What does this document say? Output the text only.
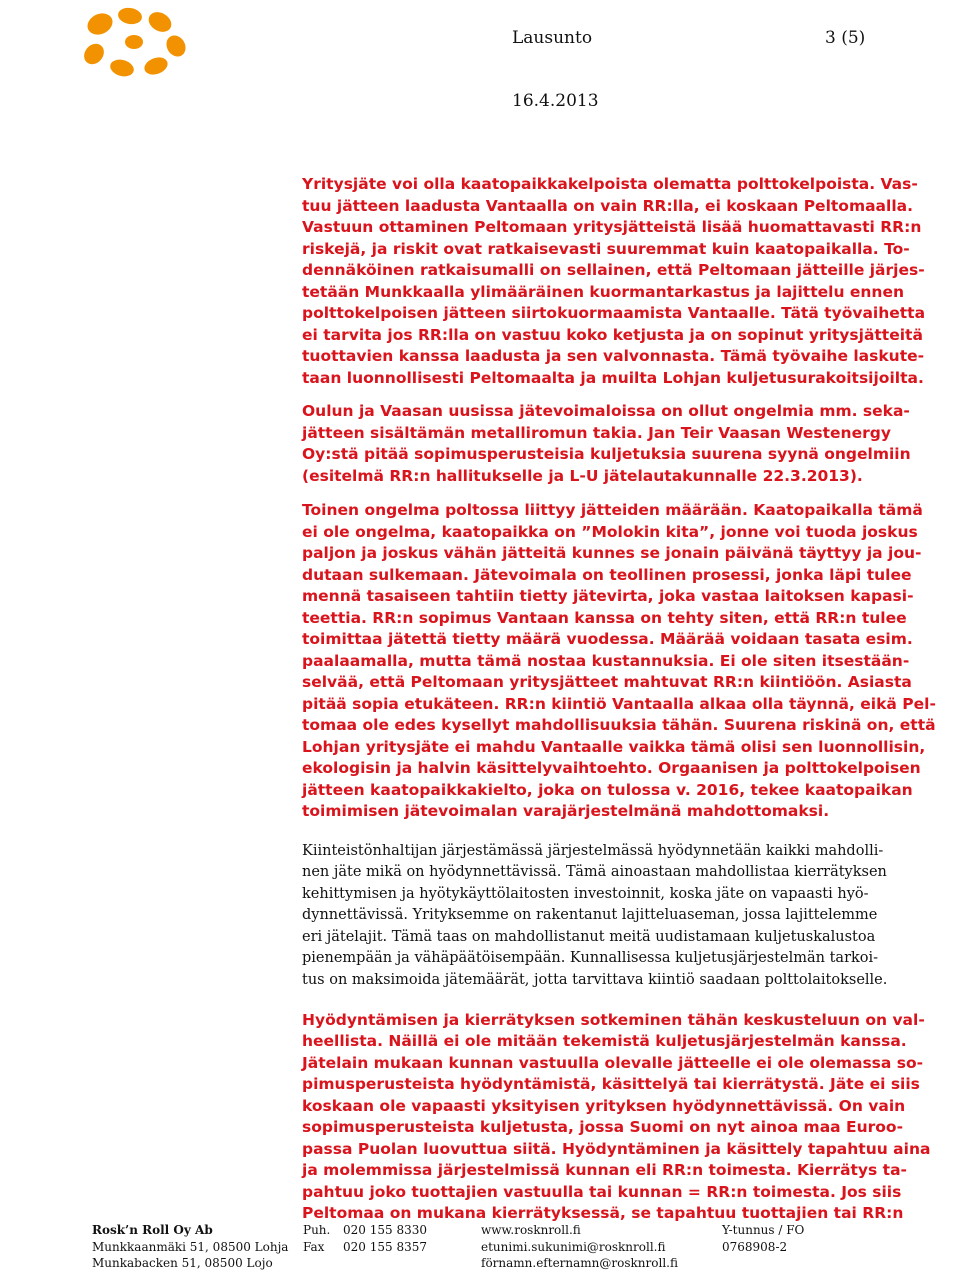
Lausunto	3 (5)
16.4.2013
Yritysjäte voi olla kaatopaikkakelpoista olematta polttokelpoista. Vas-
tuu jätteen laadusta Vantaalla on vain RR:lla, ei koskaan Peltomaalla.
Vastuun ottaminen Peltomaan yritysjätteistä lisää huomattavasti RR:n
riskejä, ja riskit ovat ratkaisevasti suuremmat kuin kaatopaikalla. To-
dennäköinen ratkaisumalli on sellainen, että Peltomaan jätteille järjes-
tetään Munkkaalla ylimääräinen kuormantarkastus ja lajittelu ennen
polttokelpoisen jätteen siirtokuormaamista Vantaalle. Tätä työvaihetta
ei tarvita jos RR:lla on vastuu koko ketjusta ja on sopinut yritysjätteitä
tuottavien kanssa laadusta ja sen valvonnasta. Tämä työvaihe laskute-
taan luonnollisesti Peltomaalta ja muilta Lohjan kuljetusurakoitsijoilta.
Oulun ja Vaasan uusissa jätevoimaloissa on ollut ongelmia mm. seka-
jätteen sisältämän metalliromun takia. Jan Teir Vaasan Westenergy
Oy:stä pitää sopimusperusteisia kuljetuksia suurena syynä ongelmiin
(esitelmä RR:n hallitukselle ja L-U jätelautakunnalle 22.3.2013).
Toinen ongelma poltossa liittyy jätteiden määrään. Kaatopaikalla tämä
ei ole ongelma, kaatopaikka on ”Molokin kita”, jonne voi tuoda joskus
paljon ja joskus vähän jätteitä kunnes se jonain päivänä täyttyy ja jou-
dutaan sulkemaan. Jätevoimala on teollinen prosessi, jonka läpi tulee
mennä tasaiseen tahtiin tietty jätevirta, joka vastaa laitoksen kapasi-
teettia. RR:n sopimus Vantaan kanssa on tehty siten, että RR:n tulee
toimittaa jätettä tietty määrä vuodessa. Määrää voidaan tasata esim.
paalaamalla, mutta tämä nostaa kustannuksia. Ei ole siten itsestään-
selvää, että Peltomaan yritysjätteet mahtuvat RR:n kiintiöön. Asiasta
pitää sopia etukäteen. RR:n kiintiö Vantaalla alkaa olla täynnä, eikä Pel-
tomaa ole edes kysellyt mahdollisuuksia tähän. Suurena riskinä on, että
Lohjan yritysjäte ei mahdu Vantaalle vaikka tämä olisi sen luonnollisin,
ekologisin ja halvin käsittelyvaihtoehto. Orgaanisen ja polttokelpoisen
jätteen kaatopaikkakielto, joka on tulossa v. 2016, tekee kaatopaikan
toimimisen jätevoimalan varajärjestelmänä mahdottomaksi.
Kiinteistönhaltijan järjestämässä järjestelmässä hyödynnetään kaikki mahdolli-
nen jäte mikä on hyödynnettävissä. Tämä ainoastaan mahdollistaa kierrätyksen
kehittymisen ja hyötykäyttölaitosten investoinnit, koska jäte on vapaasti hyö-
dynnettävissä. Yrityksemme on rakentanut lajitteluaseman, jossa lajittelemme
eri jätelajit. Tämä taas on mahdollistanut meitä uudistamaan kuljetuskalustoa
pienempään ja vähäpäätöisempään. Kunnallisessa kuljetusjärjestelmän tarkoi-
tus on maksimoida jätemäärät, jotta tarvittava kiintiö saadaan polttolaitokselle.
Hyödyntämisen ja kierrätyksen sotkeminen tähän keskusteluun on val-
heellista. Näillä ei ole mitään tekemistä kuljetusjärjestelmän kanssa.
Jätelain mukaan kunnan vastuulla olevalle jätteelle ei ole olemassa so-
pimusperusteista hyödyntämistä, käsittelyä tai kierrätystä. Jäte ei siis
koskaan ole vapaasti yksityisen yrityksen hyödynnettävissä. On vain
sopimusperusteista kuljetusta, jossa Suomi on nyt ainoa maa Euroo-
passa Puolan luovuttua siitä. Hyödyntäminen ja käsittely tapahtuu aina
ja molemmissa järjestelmissä kunnan eli RR:n toimesta. Kierrätys ta-
pahtuu joko tuottajien vastuulla tai kunnan = RR:n toimesta. Jos siis
Peltomaa on mukana kierrätyksessä, se tapahtuu tuottajien tai RR:n
Rosk’n Roll Oy Ab
Munkkaanmäki 51, 08500 Lohja
Munkabacken 51, 08500 Lojo
Puh.
Fax
020 155 8330
020 155 8357
www.rosknroll.fi
etunimi.sukunimi@rosknroll.fi
förnamn.efternamn@rosknroll.fi
Y-tunnus / FO
0768908-2
